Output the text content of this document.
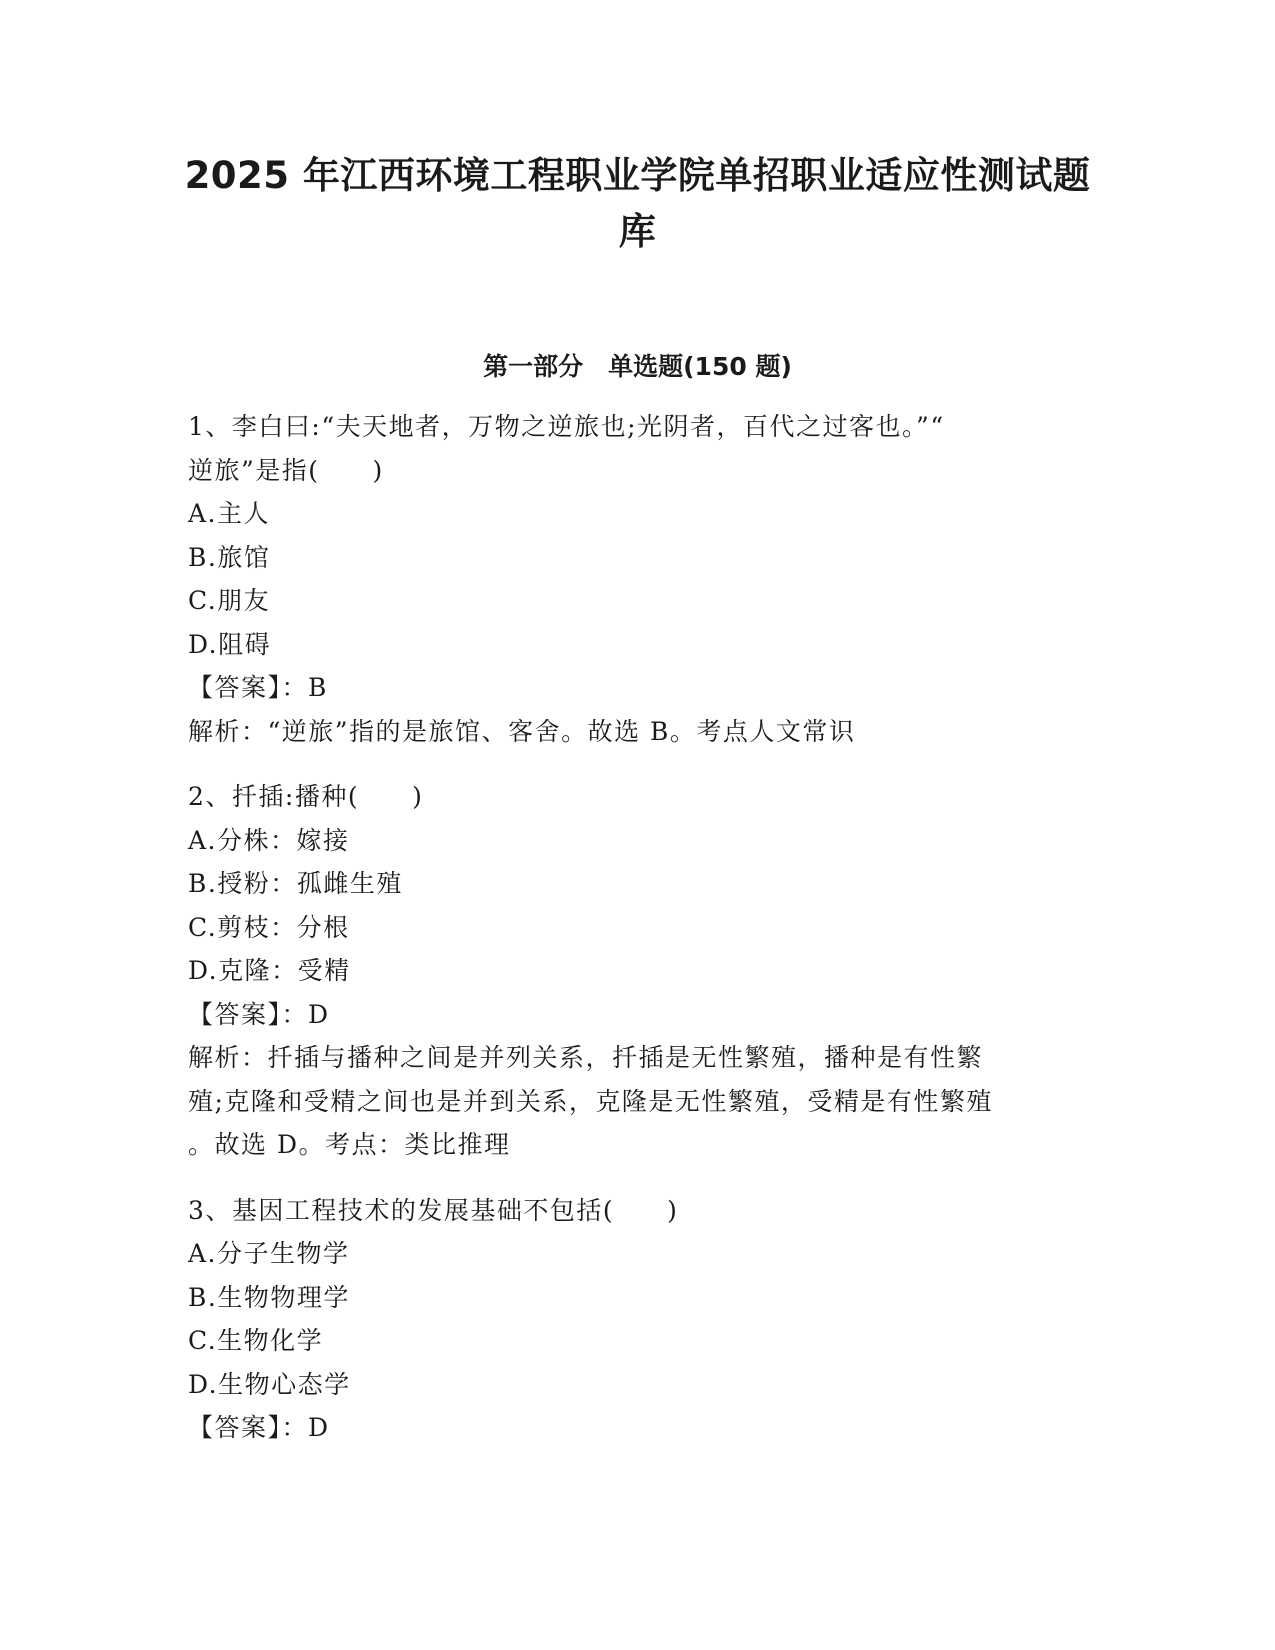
2025 年江西环境工程职业学院单招职业适应性测试题
库
第一部分　单选题(150 题)

1、李白曰:“夫天地者，万物之逆旅也;光阴者，百代之过客也。”“

逆旅”是指(　　)

A.主人

B.旅馆

C.朋友

D.阻碍

【答案】：B

解析：“逆旅”指的是旅馆、客舍。故选 B。考点人文常识

2、扦插:播种(　　)

A.分株：嫁接

B.授粉：孤雌生殖

C.剪枝：分根

D.克隆：受精

【答案】：D

解析：扦插与播种之间是并列关系，扦插是无性繁殖，播种是有性繁

殖;克隆和受精之间也是并到关系，克隆是无性繁殖，受精是有性繁殖

。故选 D。考点：类比推理

3、基因工程技术的发展基础不包括(　　)

A.分子生物学

B.生物物理学

C.生物化学

D.生物心态学

【答案】：D
